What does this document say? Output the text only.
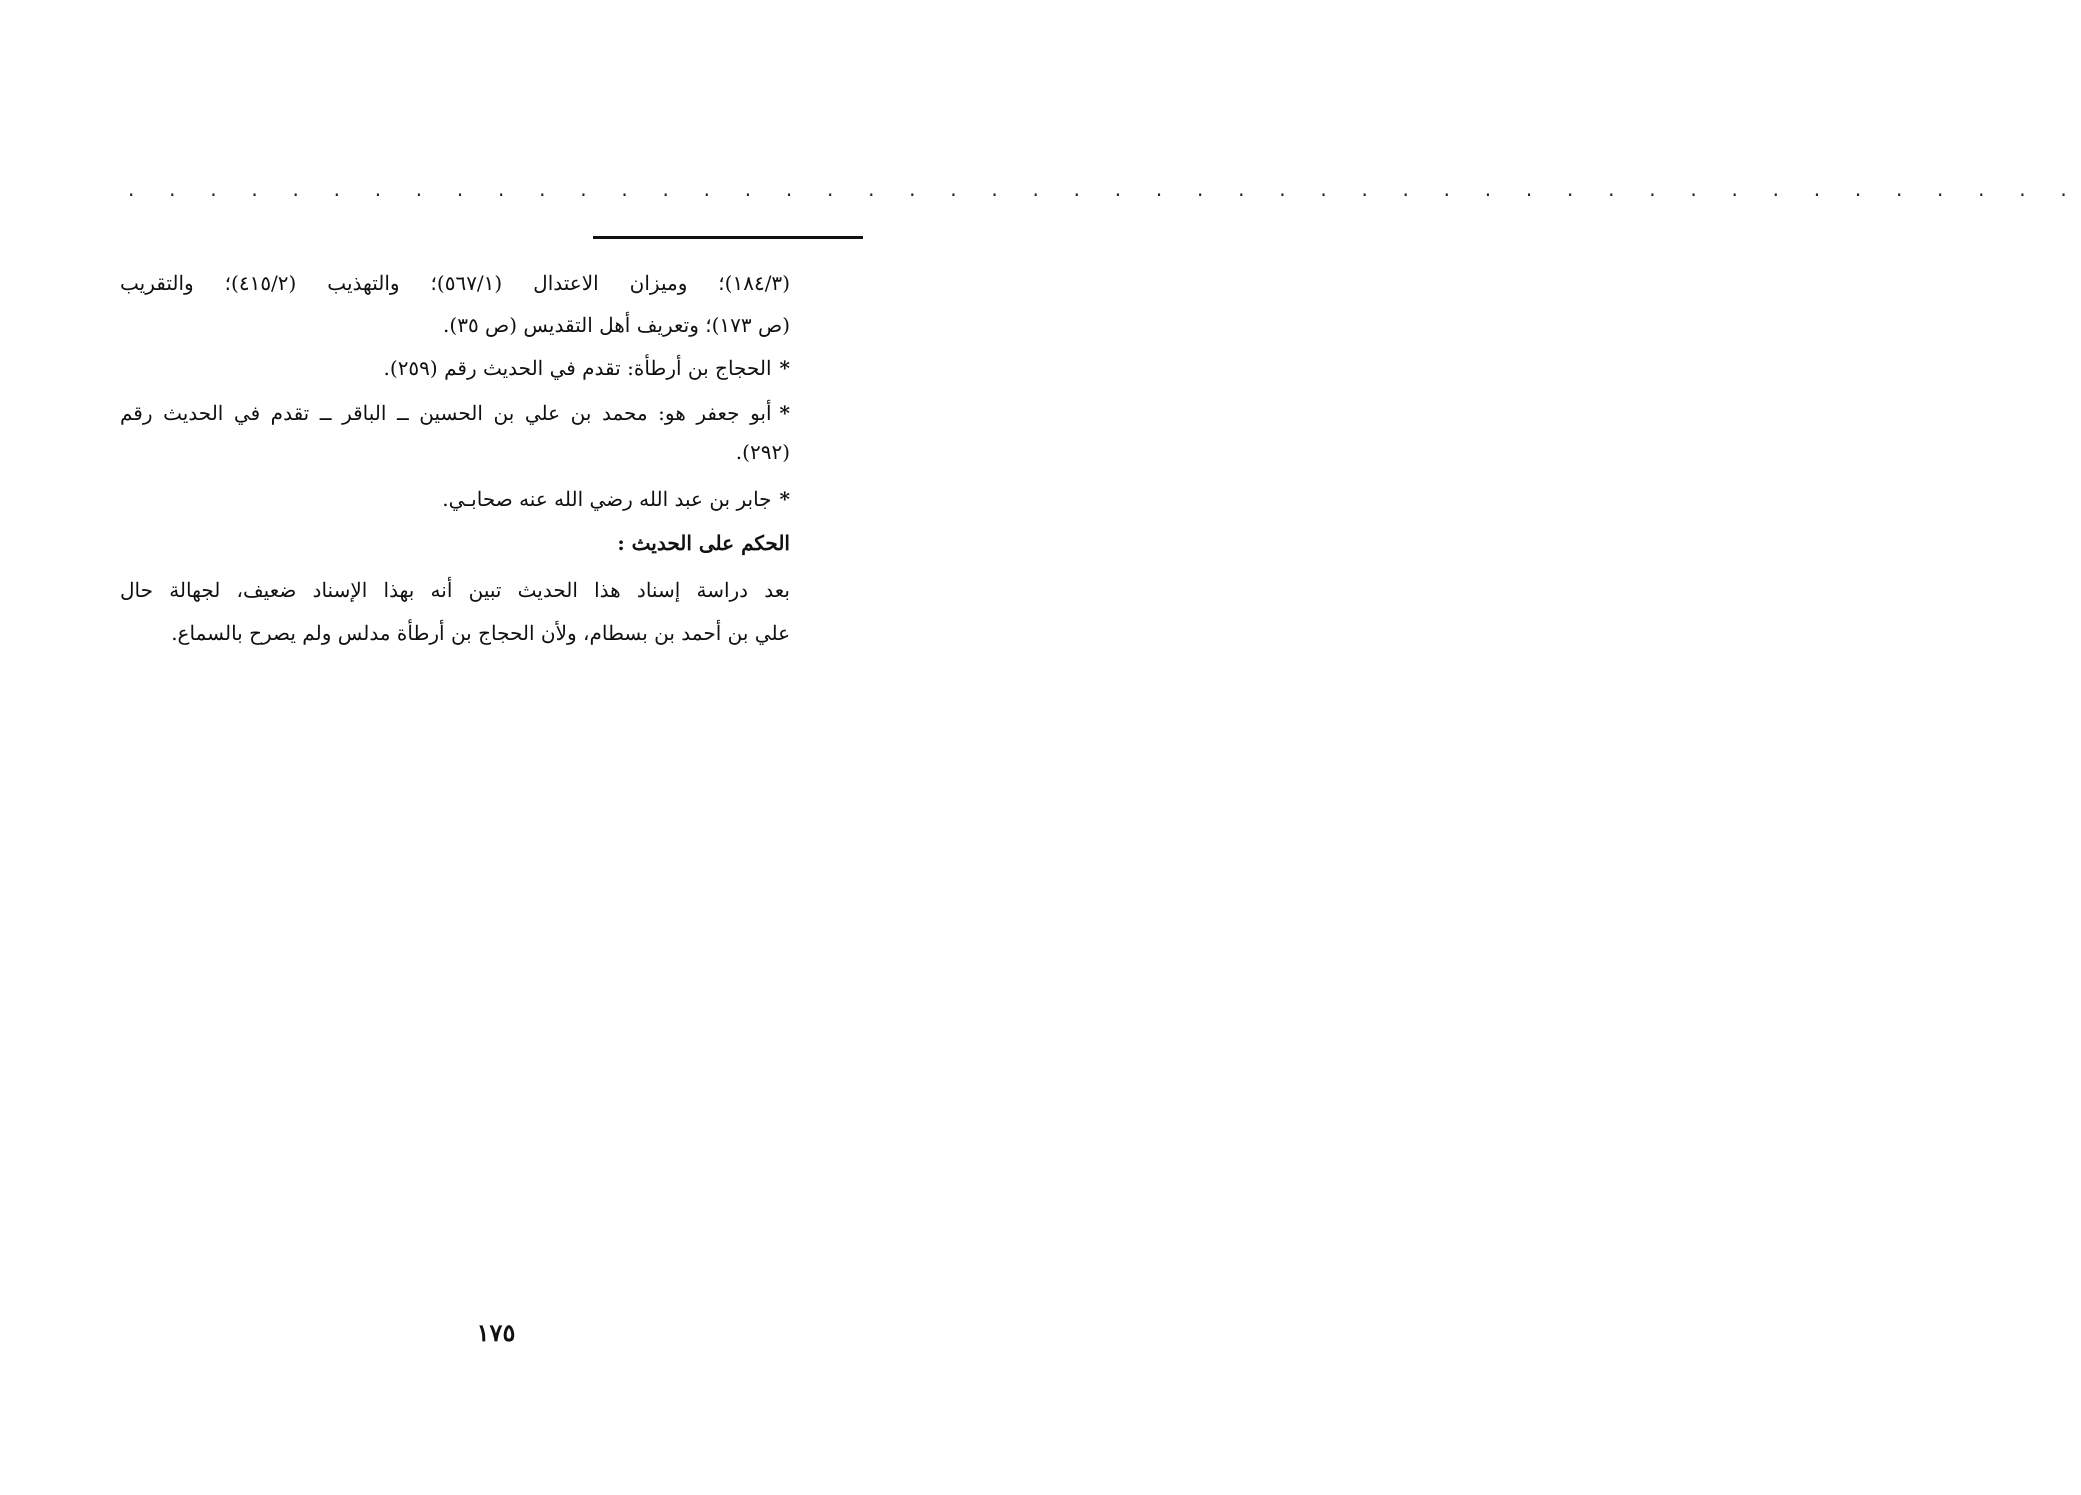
· · · · · · · · · · · · · · · · · · · · · · · · · · · · · · · · · · · · · · · · · · · · · · · ·
(١٨٤/٣)؛ وميزان الاعتدال (٥٦٧/١)؛ والتهذيب (٤١٥/٢)؛ والتقريب
(ص ١٧٣)؛ وتعريف أهل التقديس (ص ٣٥).
*الحجاج بن أرطأة: تقدم في الحديث رقم (٢٥٩).
*أبو جعفر هو: محمد بن علي بن الحسين ــ الباقر ــ تقدم في الحديث رقم
(٢٩٢).
*جابر بن عبد الله رضي الله عنه صحابـي.
الحكم على الحديث :
بعد دراسة إسناد هذا الحديث تبين أنه بهذا الإسناد ضعيف، لجهالة حال
علي بن أحمد بن بسطام، ولأن الحجاج بن أرطأة مدلس ولم يصرح بالسماع.
١٧٥
